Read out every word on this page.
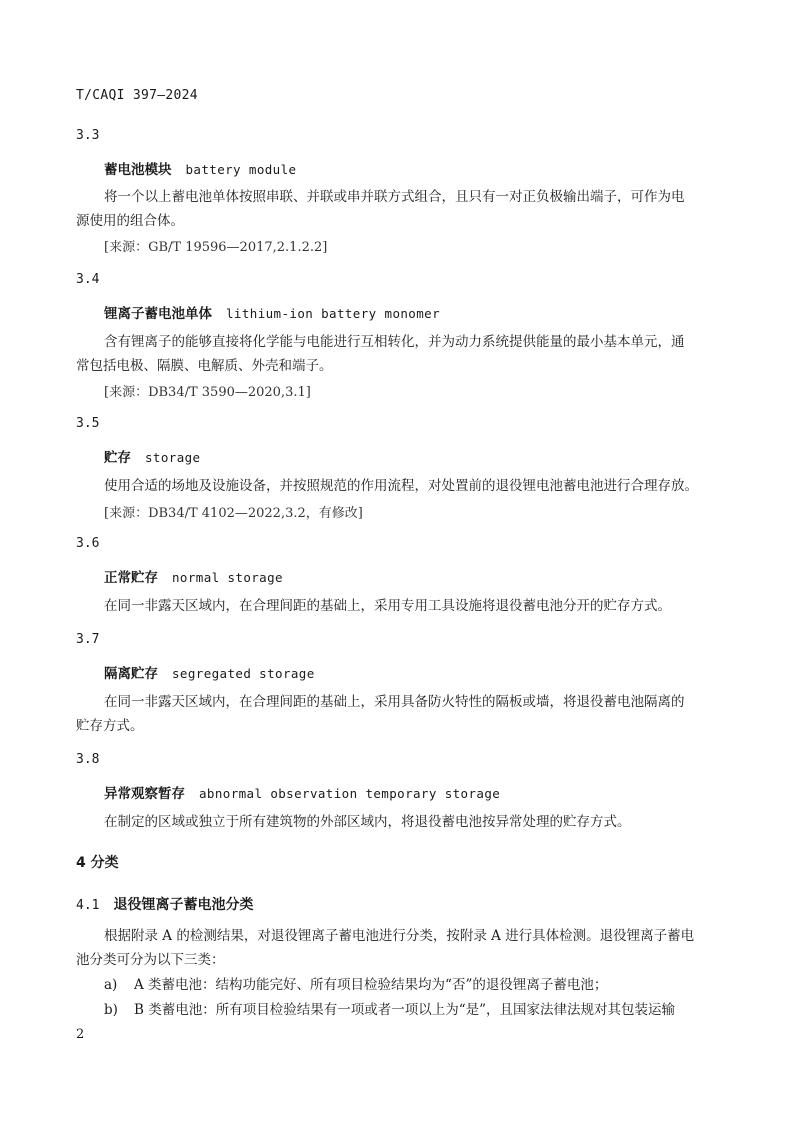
T/CAQI 397—2024
3.3
蓄电池模块 battery module
将一个以上蓄电池单体按照串联、并联或串并联方式组合，且只有一对正负极输出端子，可作为电
源使用的组合体。
[来源：GB/T 19596—2017,2.1.2.2]
3.4
锂离子蓄电池单体 lithium-ion battery monomer
含有锂离子的能够直接将化学能与电能进行互相转化，并为动力系统提供能量的最小基本单元，通
常包括电极、隔膜、电解质、外壳和端子。
[来源：DB34/T 3590—2020,3.1]
3.5
贮存 storage
使用合适的场地及设施设备，并按照规范的作用流程，对处置前的退役锂电池蓄电池进行合理存放。
[来源：DB34/T 4102—2022,3.2，有修改]
3.6
正常贮存 normal storage
在同一非露天区域内，在合理间距的基础上，采用专用工具设施将退役蓄电池分开的贮存方式。
3.7
隔离贮存 segregated storage
在同一非露天区域内，在合理间距的基础上，采用具备防火特性的隔板或墙，将退役蓄电池隔离的
贮存方式。
3.8
异常观察暂存 abnormal observation temporary storage
在制定的区域或独立于所有建筑物的外部区域内，将退役蓄电池按异常处理的贮存方式。
4 分类
4.1 退役锂离子蓄电池分类
根据附录 A 的检测结果，对退役锂离子蓄电池进行分类，按附录 A 进行具体检测。退役锂离子蓄电
池分类可分为以下三类：
a) A 类蓄电池：结构功能完好、所有项目检验结果均为“否”的退役锂离子蓄电池；
b) B 类蓄电池：所有项目检验结果有一项或者一项以上为“是”，且国家法律法规对其包装运输
2
